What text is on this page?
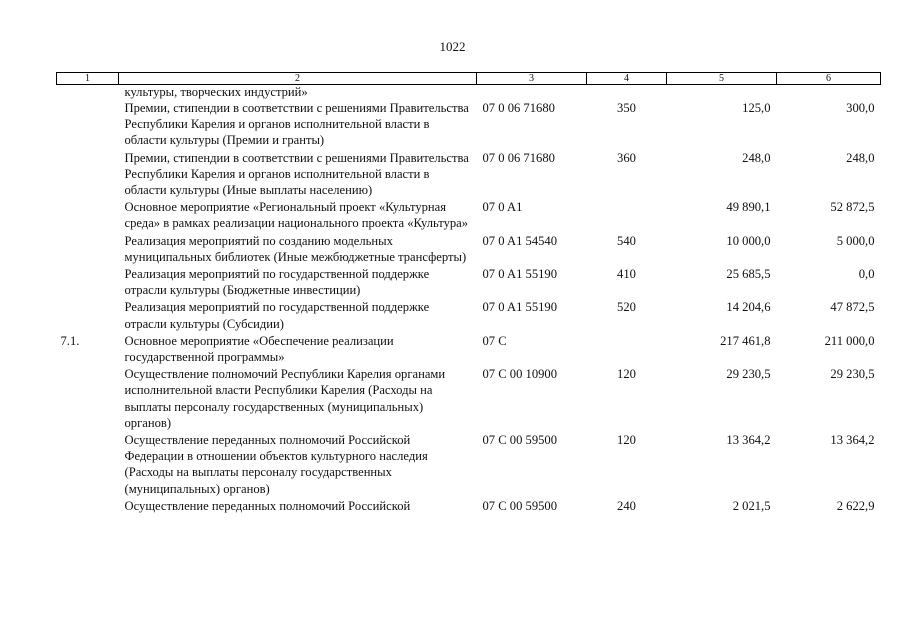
1022
1	2	3	4	5	6
	культуры, творческих индустрий»				
	Премии, стипендии в соответствии с решениями Правительства Республики Карелия и органов исполнительной власти в области культуры (Премии и гранты)	07 0 06 71680	350	125,0	300,0
	Премии, стипендии в соответствии с решениями Правительства Республики Карелия и органов исполнительной власти в области культуры (Иные выплаты населению)	07 0 06 71680	360	248,0	248,0
	Основное мероприятие «Региональный проект «Культурная среда» в рамках реализации национального проекта «Культура»	07 0 A1		49 890,1	52 872,5
	Реализация мероприятий по созданию модельных муниципальных библиотек (Иные межбюджетные трансферты)	07 0 A1 54540	540	10 000,0	5 000,0
	Реализация мероприятий по государственной поддержке отрасли культуры (Бюджетные инвестиции)	07 0 A1 55190	410	25 685,5	0,0
	Реализация мероприятий по государственной поддержке отрасли культуры (Субсидии)	07 0 A1 55190	520	14 204,6	47 872,5
7.1.	Основное мероприятие «Обеспечение реализации государственной программы»	07 C		217 461,8	211 000,0
	Осуществление полномочий Республики Карелия органами исполнительной власти Республики Карелия (Расходы на выплаты персоналу государственных (муниципальных) органов)	07 C 00 10900	120	29 230,5	29 230,5
	Осуществление переданных полномочий Российской Федерации в отношении объектов культурного наследия (Расходы на выплаты персоналу государственных (муниципальных) органов)	07 C 00 59500	120	13 364,2	13 364,2
	Осуществление переданных полномочий Российской	07 C 00 59500	240	2 021,5	2 622,9
